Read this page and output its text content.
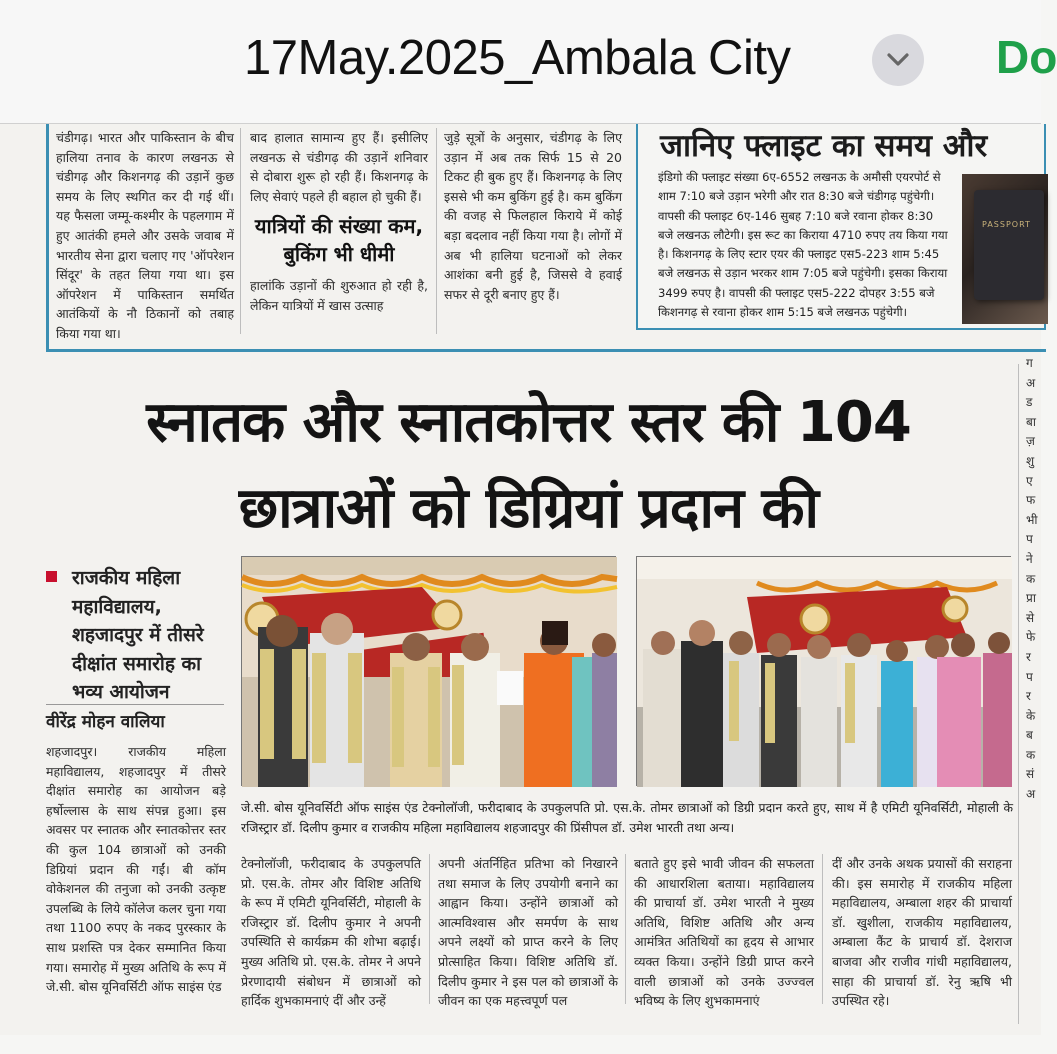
17May.2025_Ambala City	Do

चंडीगढ़। भारत और पाकिस्तान के बीच हालिया तनाव के कारण लखनऊ से चंडीगढ़ और किशनगढ़ की उड़ानें कुछ समय के लिए स्थगित कर दी गई थीं। यह फैसला जम्मू-कश्मीर के पहलगाम में हुए आतंकी हमले और उसके जवाब में भारतीय सेना द्वारा चलाए गए 'ऑपरेशन सिंदूर' के तहत लिया गया था। इस ऑपरेशन में पाकिस्तान समर्थित आतंकियों के नौ ठिकानों को तबाह किया गया था।

बाद हालात सामान्य हुए हैं। इसीलिए लखनऊ से चंडीगढ़ की उड़ानें शनिवार से दोबारा शुरू हो रही हैं। किशनगढ़ के लिए सेवाएं पहले ही बहाल हो चुकी हैं।

यात्रियों की संख्या कम, बुकिंग भी धीमी

हालांकि उड़ानों की शुरुआत हो रही है, लेकिन यात्रियों में खास उत्साह

जुड़े सूत्रों के अनुसार, चंडीगढ़ के लिए उड़ान में अब तक सिर्फ 15 से 20 टिकट ही बुक हुए हैं। किशनगढ़ के लिए इससे भी कम बुकिंग हुई है। कम बुकिंग की वजह से फिलहाल किराये में कोई बड़ा बदलाव नहीं किया गया है। लोगों में अब भी हालिया घटनाओं को लेकर आशंका बनी हुई है, जिससे वे हवाई सफर से दूरी बनाए हुए हैं।

जानिए फ्लाइट का समय और
इंडिगो की फ्लाइट संख्या 6ए-6552 लखनऊ के अमौसी एयरपोर्ट से शाम 7:10 बजे उड़ान भरेगी और रात 8:30 बजे चंडीगढ़ पहुंचेगी। वापसी की फ्लाइट 6ए-146 सुबह 7:10 बजे रवाना होकर 8:30 बजे लखनऊ लौटेगी। इस रूट का किराया 4710 रुपए तय किया गया है। किशनगढ़ के लिए स्टार एयर की फ्लाइट एस5-223 शाम 5:45 बजे लखनऊ से उड़ान भरकर शाम 7:05 बजे पहुंचेगी। इसका किराया 3499 रुपए है। वापसी की फ्लाइट एस5-222 दोपहर 3:55 बजे किशनगढ़ से रवाना होकर शाम 5:15 बजे लखनऊ पहुंचेगी।
PASSPORT
स्नातक और स्नातकोत्तर स्तर की 104
छात्राओं को डिग्रियां प्रदान की
राजकीय महिला महाविद्यालय, शहजादपुर में तीसरे दीक्षांत समारोह का भव्य आयोजन
वीरेंद्र मोहन वालिया

शहजादपुर। राजकीय महिला महाविद्यालय, शहजादपुर में तीसरे दीक्षांत समारोह का आयोजन बड़े हर्षोल्लास के साथ संपन्न हुआ। इस अवसर पर स्नातक और स्नातकोत्तर स्तर की कुल 104 छात्राओं को उनकी डिग्रियां प्रदान की गईं। बी कॉम वोकेशनल की तनुजा को उनकी उत्कृष्ट उपलब्धि के लिये कॉलेज कलर चुना गया तथा 1100 रुपए के नकद पुरस्कार के साथ प्रशस्ति पत्र देकर सम्मानित किया गया। समारोह में मुख्य अतिथि के रूप में जे.सी. बोस यूनिवर्सिटी ऑफ साइंस एंड

जे.सी. बोस यूनिवर्सिटी ऑफ साइंस एंड टेक्नोलॉजी, फरीदाबाद के उपकुलपति प्रो. एस.के. तोमर छात्राओं को डिग्री प्रदान करते हुए, साथ में है एमिटी यूनिवर्सिटी, मोहाली के रजिस्ट्रार डॉ. दिलीप कुमार व राजकीय महिला महाविद्यालय शहजादपुर की प्रिंसीपल डॉ. उमेश भारती तथा अन्य।

टेक्नोलॉजी, फरीदाबाद के उपकुलपति प्रो. एस.के. तोमर और विशिष्ट अतिथि के रूप में एमिटी यूनिवर्सिटी, मोहाली के रजिस्ट्रार डॉ. दिलीप कुमार ने अपनी उपस्थिति से कार्यक्रम की शोभा बढ़ाई। मुख्य अतिथि प्रो. एस.के. तोमर ने अपने प्रेरणादायी संबोधन में छात्राओं को हार्दिक शुभकामनाएं दीं और उन्हें

अपनी अंतर्निहित प्रतिभा को निखारने तथा समाज के लिए उपयोगी बनाने का आह्वान किया। उन्होंने छात्राओं को आत्मविश्वास और समर्पण के साथ अपने लक्ष्यों को प्राप्त करने के लिए प्रोत्साहित किया। विशिष्ट अतिथि डॉ. दिलीप कुमार ने इस पल को छात्राओं के जीवन का एक महत्त्वपूर्ण पल

बताते हुए इसे भावी जीवन की सफलता की आधारशिला बताया। महाविद्यालय की प्राचार्या डॉ. उमेश भारती ने मुख्य अतिथि, विशिष्ट अतिथि और अन्य आमंत्रित अतिथियों का हृदय से आभार व्यक्त किया। उन्होंने डिग्री प्राप्त करने वाली छात्राओं को उनके उज्ज्वल भविष्य के लिए शुभकामनाएं

दीं और उनके अथक प्रयासों की सराहना की। इस समारोह में राजकीय महिला महाविद्यालय, अम्बाला शहर की प्राचार्या डॉ. खुशीला, राजकीय महाविद्यालय, अम्बाला कैंट के प्राचार्य डॉ. देशराज बाजवा और राजीव गांधी महाविद्यालय, साहा की प्राचार्या डॉ. रेनु ऋषि भी उपस्थित रहे।

ग अ ड बा ज़ शु ए फ भी प ने क प्रा से फे र प र के ब क सं अ
